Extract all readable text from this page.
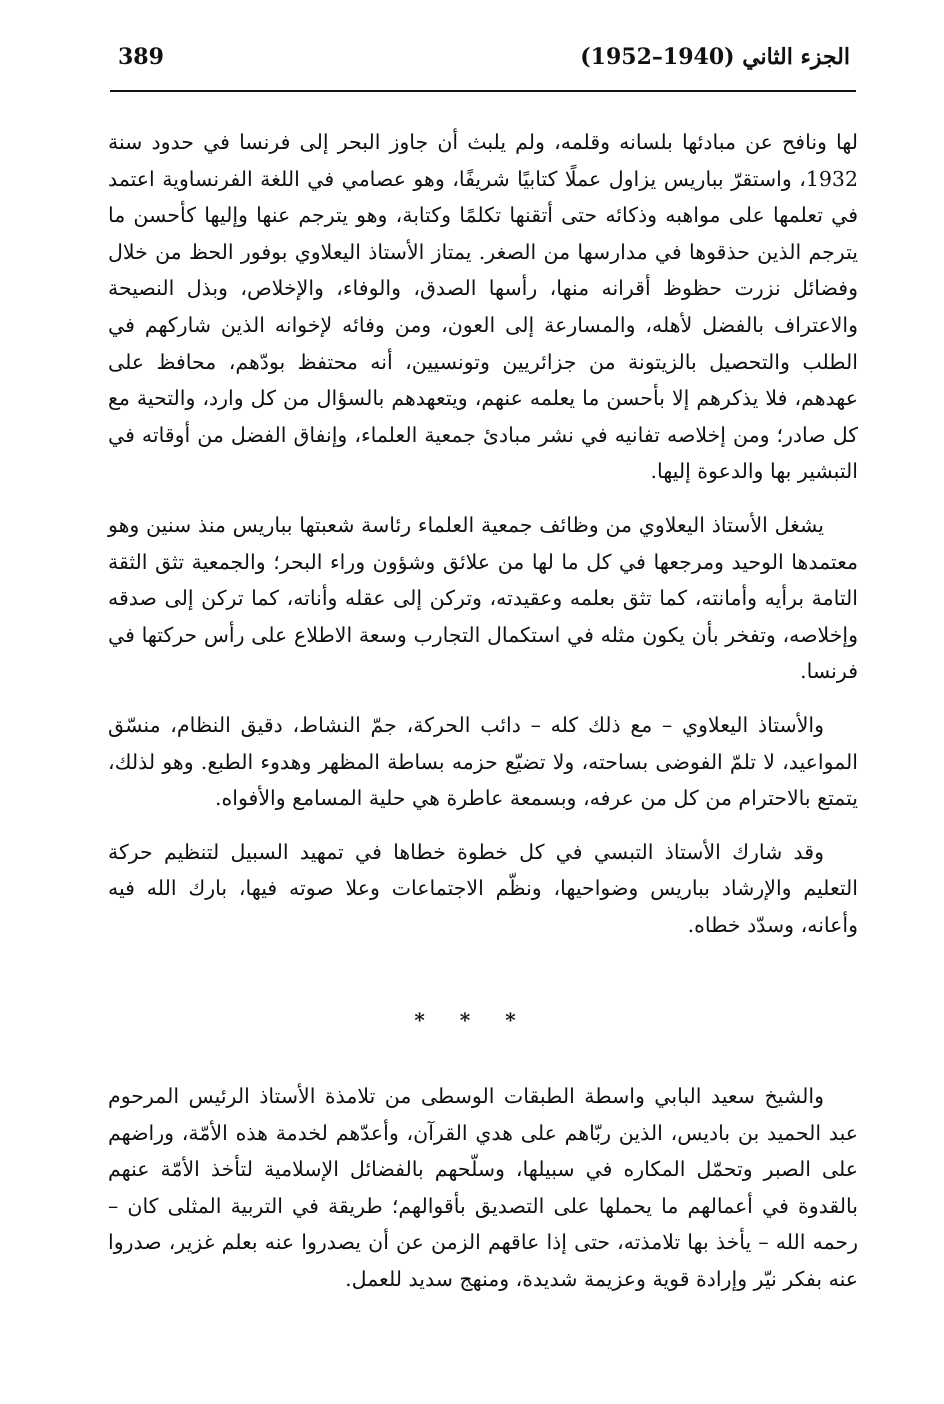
389	الجزء الثاني (1940–1952)

لها ونافح عن مبادئها بلسانه وقلمه، ولم يلبث أن جاوز البحر إلى فرنسا في حدود سنة 1932، واستقرّ بباريس يزاول عملًا كتابيًا شريفًا، وهو عصامي في اللغة الفرنساوية اعتمد في تعلمها على مواهبه وذكائه حتى أتقنها تكلمًا وكتابة، وهو يترجم عنها وإليها كأحسن ما يترجم الذين حذقوها في مدارسها من الصغر. يمتاز الأستاذ اليعلاوي بوفور الحظ من خلال وفضائل نزرت حظوظ أقرانه منها، رأسها الصدق، والوفاء، والإخلاص، وبذل النصيحة والاعتراف بالفضل لأهله، والمسارعة إلى العون، ومن وفائه لإخوانه الذين شاركهم في الطلب والتحصيل بالزيتونة من جزائريين وتونسيين، أنه محتفظ بودّهم، محافظ على عهدهم، فلا يذكرهم إلا بأحسن ما يعلمه عنهم، ويتعهدهم بالسؤال من كل وارد، والتحية مع كل صادر؛ ومن إخلاصه تفانيه في نشر مبادئ جمعية العلماء، وإنفاق الفضل من أوقاته في التبشير بها والدعوة إليها.

يشغل الأستاذ اليعلاوي من وظائف جمعية العلماء رئاسة شعبتها بباريس منذ سنين وهو معتمدها الوحيد ومرجعها في كل ما لها من علائق وشؤون وراء البحر؛ والجمعية تثق الثقة التامة برأيه وأمانته، كما تثق بعلمه وعقيدته، وتركن إلى عقله وأناته، كما تركن إلى صدقه وإخلاصه، وتفخر بأن يكون مثله في استكمال التجارب وسعة الاطلاع على رأس حركتها في فرنسا.

والأستاذ اليعلاوي – مع ذلك كله – دائب الحركة، جمّ النشاط، دقيق النظام، منسّق المواعيد، لا تلمّ الفوضى بساحته، ولا تضيّع حزمه بساطة المظهر وهدوء الطبع. وهو لذلك، يتمتع بالاحترام من كل من عرفه، وبسمعة عاطرة هي حلية المسامع والأفواه.

وقد شارك الأستاذ التبسي في كل خطوة خطاها في تمهيد السبيل لتنظيم حركة التعليم والإرشاد بباريس وضواحيها، ونظّم الاجتماعات وعلا صوته فيها، بارك الله فيه وأعانه، وسدّد خطاه.

* * *

والشيخ سعيد البابي واسطة الطبقات الوسطى من تلامذة الأستاذ الرئيس المرحوم عبد الحميد بن باديس، الذين ربّاهم على هدي القرآن، وأعدّهم لخدمة هذه الأمّة، وراضهم على الصبر وتحمّل المكاره في سبيلها، وسلّحهم بالفضائل الإسلامية لتأخذ الأمّة عنهم بالقدوة في أعمالهم ما يحملها على التصديق بأقوالهم؛ طريقة في التربية المثلى كان – رحمه الله – يأخذ بها تلامذته، حتى إذا عاقهم الزمن عن أن يصدروا عنه بعلم غزير، صدروا عنه بفكر نيّر وإرادة قوية وعزيمة شديدة، ومنهج سديد للعمل.
